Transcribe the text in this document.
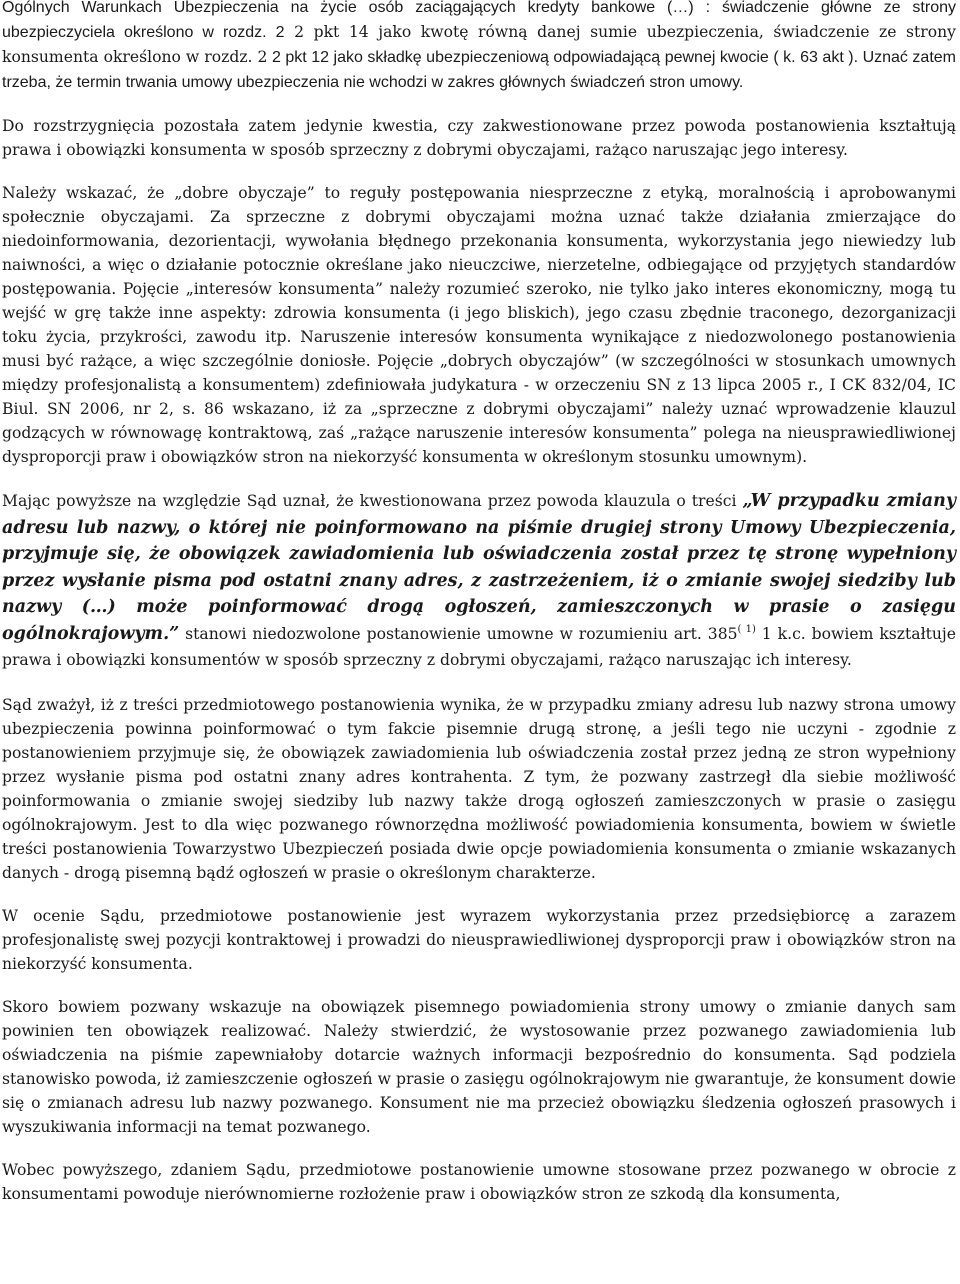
Ogólnych Warunkach Ubezpieczenia na życie osób zaciągających kredyty bankowe (…) : świadczenie główne ze strony ubezpieczyciela określono w rozdz. 2 2 pkt 14 jako kwotę równą danej sumie ubezpieczenia, świadczenie ze strony konsumenta określono w rozdz. 2 2 pkt 12 jako składkę ubezpieczeniową odpowiadającą pewnej kwocie ( k. 63 akt ). Uznać zatem trzeba, że termin trwania umowy ubezpieczenia nie wchodzi w zakres głównych świadczeń stron umowy.

Do rozstrzygnięcia pozostała zatem jedynie kwestia, czy zakwestionowane przez powoda postanowienia kształtują prawa i obowiązki konsumenta w sposób sprzeczny z dobrymi obyczajami, rażąco naruszając jego interesy.

Należy wskazać, że „dobre obyczaje” to reguły postępowania niesprzeczne z etyką, moralnością i aprobowanymi społecznie obyczajami. Za sprzeczne z dobrymi obyczajami można uznać także działania zmierzające do niedoinformowania, dezorientacji, wywołania błędnego przekonania konsumenta, wykorzystania jego niewiedzy lub naiwności, a więc o działanie potocznie określane jako nieuczciwe, nierzetelne, odbiegające od przyjętych standardów postępowania. Pojęcie „interesów konsumenta” należy rozumieć szeroko, nie tylko jako interes ekonomiczny, mogą tu wejść w grę także inne aspekty: zdrowia konsumenta (i jego bliskich), jego czasu zbędnie traconego, dezorganizacji toku życia, przykrości, zawodu itp. Naruszenie interesów konsumenta wynikające z niedozwolonego postanowienia musi być rażące, a więc szczególnie doniosłe. Pojęcie „dobrych obyczajów” (w szczególności w stosunkach umownych między profesjonalistą a konsumentem) zdefiniowała judykatura - w orzeczeniu SN z 13 lipca 2005 r., I CK 832/04, IC Biul. SN 2006, nr 2, s. 86 wskazano, iż za „sprzeczne z dobrymi obyczajami” należy uznać wprowadzenie klauzul godzących w równowagę kontraktową, zaś „rażące naruszenie interesów konsumenta” polega na nieusprawiedliwionej dysproporcji praw i obowiązków stron na niekorzyść konsumenta w określonym stosunku umownym).

Mając powyższe na względzie Sąd uznał, że kwestionowana przez powoda klauzula o treści „W przypadku zmiany adresu lub nazwy, o której nie poinformowano na piśmie drugiej strony Umowy Ubezpieczenia, przyjmuje się, że obowiązek zawiadomienia lub oświadczenia został przez tę stronę wypełniony przez wysłanie pisma pod ostatni znany adres, z zastrzeżeniem, iż o zmianie swojej siedziby lub nazwy (…) może poinformować drogą ogłoszeń, zamieszczonych w prasie o zasięgu ogólnokrajowym.” stanowi niedozwolone postanowienie umowne w rozumieniu art. $385^{( 1)}$ 1 k.c. bowiem kształtuje prawa i obowiązki konsumentów w sposób sprzeczny z dobrymi obyczajami, rażąco naruszając ich interesy.

Sąd zważył, iż z treści przedmiotowego postanowienia wynika, że w przypadku zmiany adresu lub nazwy strona umowy ubezpieczenia powinna poinformować o tym fakcie pisemnie drugą stronę, a jeśli tego nie uczyni - zgodnie z postanowieniem przyjmuje się, że obowiązek zawiadomienia lub oświadczenia został przez jedną ze stron wypełniony przez wysłanie pisma pod ostatni znany adres kontrahenta. Z tym, że pozwany zastrzegł dla siebie możliwość poinformowania o zmianie swojej siedziby lub nazwy także drogą ogłoszeń zamieszczonych w prasie o zasięgu ogólnokrajowym. Jest to dla więc pozwanego równorzędna możliwość powiadomienia konsumenta, bowiem w świetle treści postanowienia Towarzystwo Ubezpieczeń posiada dwie opcje powiadomienia konsumenta o zmianie wskazanych danych - drogą pisemną bądź ogłoszeń w prasie o określonym charakterze.

W ocenie Sądu, przedmiotowe postanowienie jest wyrazem wykorzystania przez przedsiębiorcę a zarazem profesjonalistę swej pozycji kontraktowej i prowadzi do nieusprawiedliwionej dysproporcji praw i obowiązków stron na niekorzyść konsumenta.

Skoro bowiem pozwany wskazuje na obowiązek pisemnego powiadomienia strony umowy o zmianie danych sam powinien ten obowiązek realizować. Należy stwierdzić, że wystosowanie przez pozwanego zawiadomienia lub oświadczenia na piśmie zapewniałoby dotarcie ważnych informacji bezpośrednio do konsumenta. Sąd podziela stanowisko powoda, iż zamieszczenie ogłoszeń w prasie o zasięgu ogólnokrajowym nie gwarantuje, że konsument dowie się o zmianach adresu lub nazwy pozwanego. Konsument nie ma przecież obowiązku śledzenia ogłoszeń prasowych i wyszukiwania informacji na temat pozwanego.

Wobec powyższego, zdaniem Sądu, przedmiotowe postanowienie umowne stosowane przez pozwanego w obrocie z konsumentami powoduje nierównomierne rozłożenie praw i obowiązków stron ze szkodą dla konsumenta,
